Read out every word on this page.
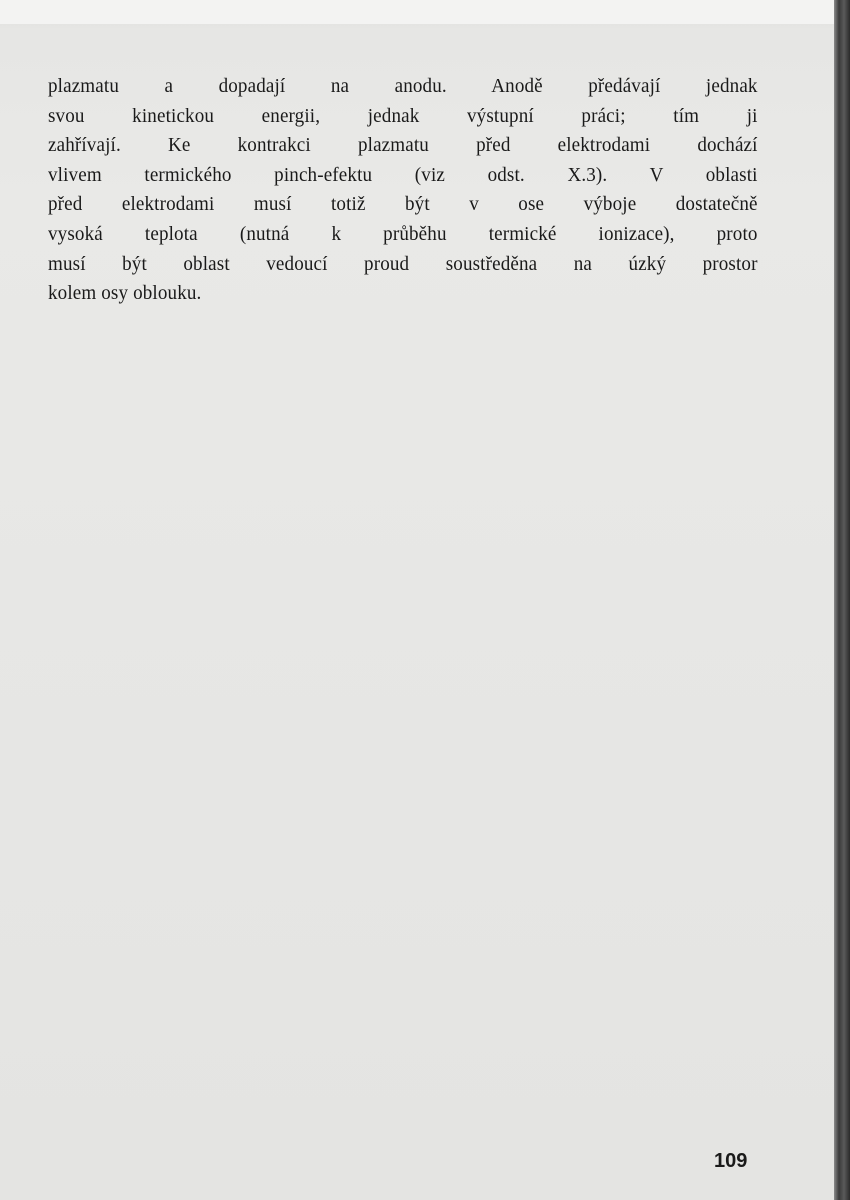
plazmatu a dopadají na anodu. Anodě předávají jednak
svou kinetickou energii, jednak výstupní práci; tím ji
zahřívají. Ke kontrakci plazmatu před elektrodami dochází
vlivem termického pinch-efektu (viz odst. X.3). V oblasti
před elektrodami musí totiž být v ose výboje dostatečně
vysoká teplota (nutná k průběhu termické ionizace), proto
musí být oblast vedoucí proud soustředěna na úzký prostor
kolem osy oblouku.
109
